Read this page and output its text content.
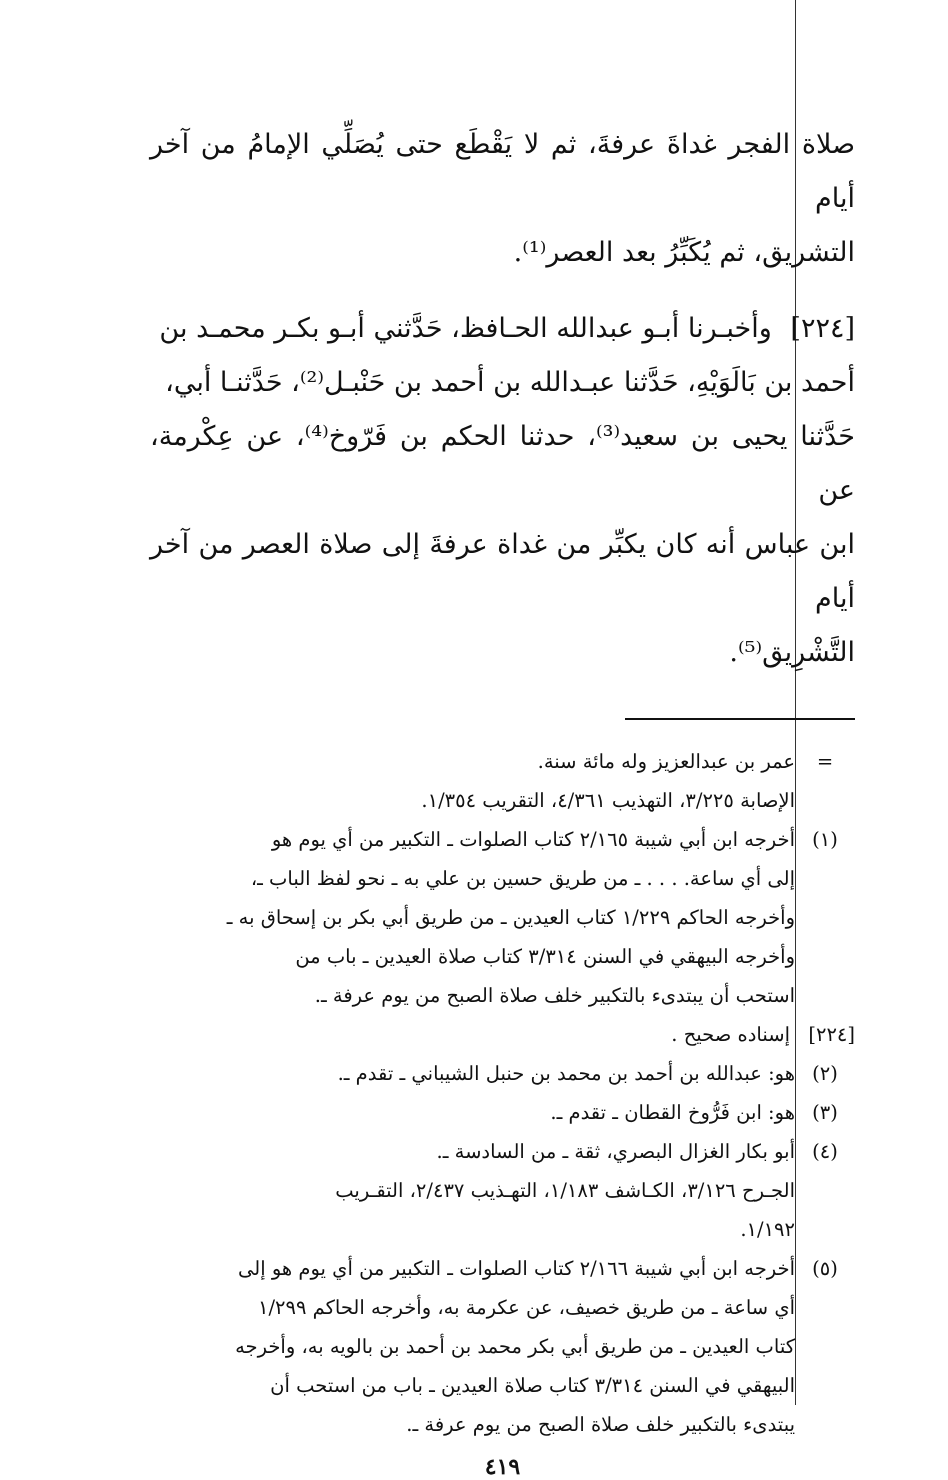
صلاة الفجر غداةَ عرفةَ، ثم لا يَقْطَع حتى يُصَلِّي الإمامُ من آخر أيام
التشريق، ثم يُكَبِّرُ بعد العصر⁽¹⁾.

[٢٢٤] وأخبـرنا أبـو عبدالله الحـافظ، حَدَّثني أبـو بكـر محمـد بن
أحمد بن بَالَوَيْهِ، حَدَّثنا عبـدالله بن أحمد بن حَنْبـل⁽²⁾، حَدَّثنـا أبي،
حَدَّثنا يحيى بن سعيد⁽³⁾، حدثنا الحكم بن فَرّوخ⁽⁴⁾، عن عِكْرمة، عن
ابن عباس أنه كان يكبِّر من غداة عرفةَ إلى صلاة العصر من آخر أيام
التَّشْرِيق⁽⁵⁾.

=
عمر بن عبدالعزيز وله مائة سنة.
الإصابة ٣/٢٢٥، التهذيب ٤/٣٦١، التقريب ١/٣٥٤.
(١)
أخرجه ابن أبي شيبة ٢/١٦٥ كتاب الصلوات ـ التكبير من أي يوم هو
إلى أي ساعة. . . . ـ من طريق حسين بن علي به ـ نحو لفظ الباب ـ،
وأخرجه الحاكم ١/٢٢٩ كتاب العيدين ـ من طريق أبي بكر بن إسحاق به ـ
وأخرجه البيهقي في السنن ٣/٣١٤ كتاب صلاة العيدين ـ باب من
استحب أن يبتدىء بالتكبير خلف صلاة الصبح من يوم عرفة ـ.
[٢٢٤]
إسناده صحيح .
(٢)
هو: عبدالله بن أحمد بن محمد بن حنبل الشيباني ـ تقدم ـ.
(٣)
هو: ابن فَرُّوخ القطان ـ تقدم ـ.
(٤)
أبو بكار الغزال البصري، ثقة ـ من السادسة ـ.
الجـرح ٣/١٢٦، الكـاشف ١/١٨٣، التهـذيب ٢/٤٣٧، التقـريب
١/١٩٢.
(٥)
أخرجه ابن أبي شيبة ٢/١٦٦ كتاب الصلوات ـ التكبير من أي يوم هو إلى
أي ساعة ـ من طريق خصيف، عن عكرمة به، وأخرجه الحاكم ١/٢٩٩
كتاب العيدين ـ من طريق أبي بكر محمد بن أحمد بن بالويه به، وأخرجه
البيهقي في السنن ٣/٣١٤ كتاب صلاة العيدين ـ باب من استحب أن
يبتدىء بالتكبير خلف صلاة الصبح من يوم عرفة ـ.
٤١٩
